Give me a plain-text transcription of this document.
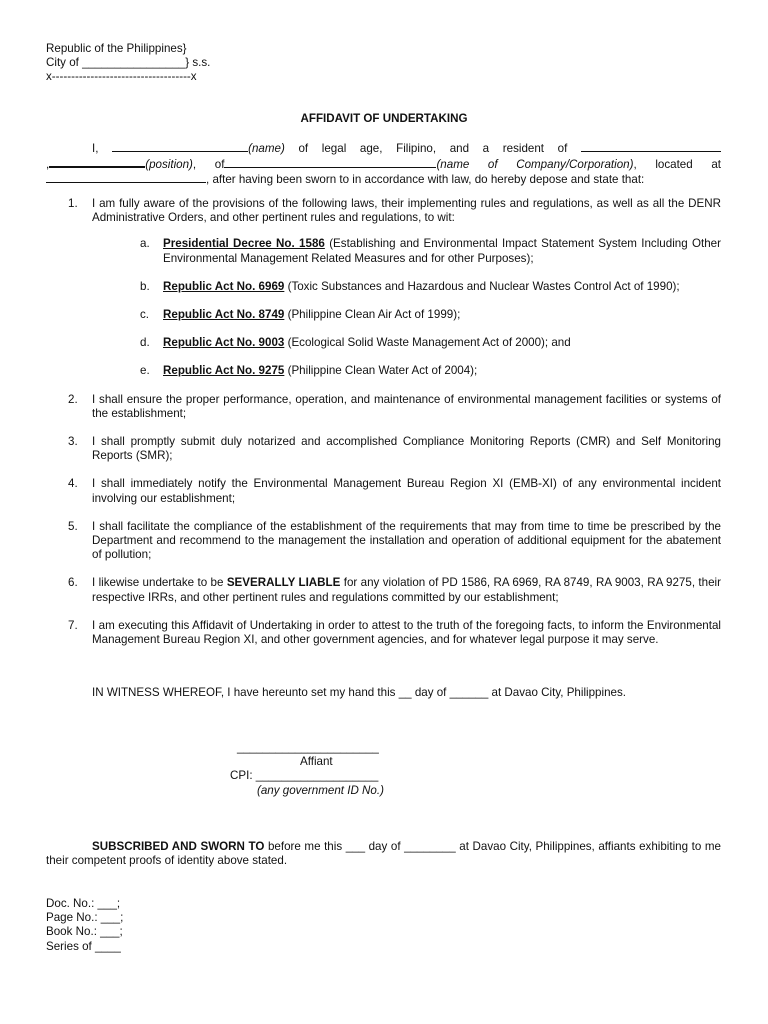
Republic of the Philippines}
City of ________________} s.s.
x------------------------------------x
AFFIDAVIT OF UNDERTAKING
I,	(name) of legal age, Filipino, and a resident of
,	(position), of	(name of Company/Corporation), located at
, after having been sworn to in accordance with law, do hereby depose and state that:
1. I am fully aware of the provisions of the following laws, their implementing rules and regulations, as well as all the DENR Administrative Orders, and other pertinent rules and regulations, to wit:
a. Presidential Decree No. 1586 (Establishing and Environmental Impact Statement System Including Other Environmental Management Related Measures and for other Purposes);
b. Republic Act No. 6969 (Toxic Substances and Hazardous and Nuclear Wastes Control Act of 1990);
c. Republic Act No. 8749 (Philippine Clean Air Act of 1999);
d. Republic Act No. 9003 (Ecological Solid Waste Management Act of 2000); and
e. Republic Act No. 9275 (Philippine Clean Water Act of 2004);
2. I shall ensure the proper performance, operation, and maintenance of environmental management facilities or systems of the establishment;
3. I shall promptly submit duly notarized and accomplished Compliance Monitoring Reports (CMR) and Self Monitoring Reports (SMR);
4. I shall immediately notify the Environmental Management Bureau Region XI (EMB-XI) of any environmental incident involving our establishment;
5. I shall facilitate the compliance of the establishment of the requirements that may from time to time be prescribed by the Department and recommend to the management the installation and operation of additional equipment for the abatement of pollution;
6. I likewise undertake to be SEVERALLY LIABLE for any violation of PD 1586, RA 6969, RA 8749, RA 9003, RA 9275, their respective IRRs, and other pertinent rules and regulations committed by our establishment;
7. I am executing this Affidavit of Undertaking in order to attest to the truth of the foregoing facts, to inform the Environmental Management Bureau Region XI, and other government agencies, and for whatever legal purpose it may serve.
IN WITNESS WHEREOF, I have hereunto set my hand this __ day of ______ at Davao City, Philippines.
______________________
Affiant
CPI: ___________________
(any government ID No.)
SUBSCRIBED AND SWORN TO before me this ___ day of ________ at Davao City, Philippines, affiants exhibiting to me their competent proofs of identity above stated.
Doc. No.: ___;
Page No.: ___;
Book No.: ___;
Series of ____
